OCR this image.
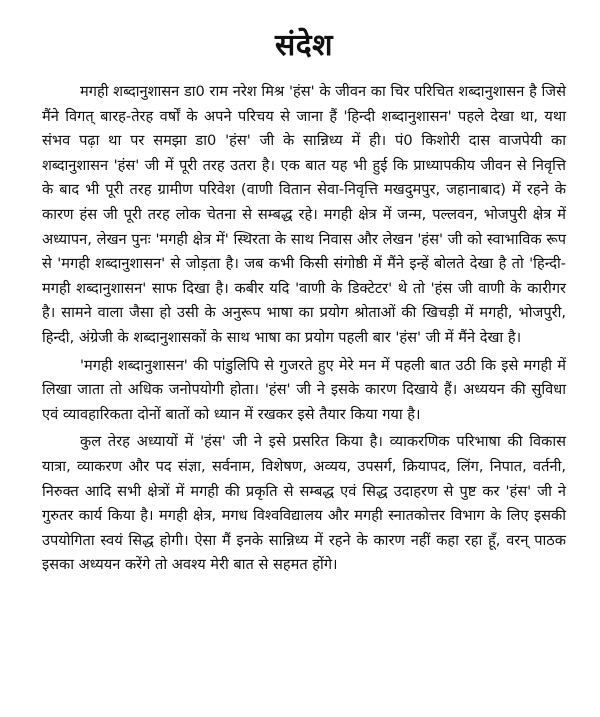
संदेश

मगही शब्दानुशासन डा0 राम नरेश मिश्र 'हंस' के जीवन का चिर परिचित शब्दानुशासन है जिसे मैंने विगत् बारह-तेरह वर्षों के अपने परिचय से जाना हैं 'हिन्दी शब्दानुशासन' पहले देखा था, यथा संभव पढ़ा था पर समझा डा0 'हंस' जी के सान्निध्य में ही। पं0 किशोरी दास वाजपेयी का शब्दानुशासन 'हंस' जी में पूरी तरह उतरा है। एक बात यह भी हुई कि प्राध्यापकीय जीवन से निवृत्ति के बाद भी पूरी तरह ग्रामीण परिवेश (वाणी वितान सेवा-निवृत्ति मखदुमपुर, जहानाबाद) में रहने के कारण हंस जी पूरी तरह लोक चेतना से सम्बद्ध रहे। मगही क्षेत्र में जन्म, पल्लवन, भोजपुरी क्षेत्र में अध्यापन, लेखन पुनः 'मगही क्षेत्र में' स्थिरता के साथ निवास और लेखन 'हंस' जी को स्वाभाविक रूप से 'मगही शब्दानुशासन' से जोड़ता है। जब कभी किसी संगोष्ठी में मैंने इन्हें बोलते देखा है तो 'हिन्दी-मगही शब्दानुशासन' साफ दिखा है। कबीर यदि 'वाणी के डिक्टेटर' थे तो 'हंस जी वाणी के कारीगर है। सामने वाला जैसा हो उसी के अनुरूप भाषा का प्रयोग श्रोताओं की खिचड़ी में मगही, भोजपुरी, हिन्दी, अंग्रेजी के शब्दानुशासकों के साथ भाषा का प्रयोग पहली बार 'हंस' जी में मैंने देखा है।

'मगही शब्दानुशासन' की पांडुलिपि से गुजरते हुए मेरे मन में पहली बात उठी कि इसे मगही में लिखा जाता तो अधिक जनोपयोगी होता। 'हंस' जी ने इसके कारण दिखाये हैं। अध्ययन की सुविधा एवं व्यावहारिकता दोनों बातों को ध्यान में रखकर इसे तैयार किया गया है।

कुल तेरह अध्यायों में 'हंस' जी ने इसे प्रसरित किया है। व्याकरणिक परिभाषा की विकास यात्रा, व्याकरण और पद संज्ञा, सर्वनाम, विशेषण, अव्यय, उपसर्ग, क्रियापद, लिंग, निपात, वर्तनी, निरुक्त आदि सभी क्षेत्रों में मगही की प्रकृति से सम्बद्ध एवं सिद्ध उदाहरण से पुष्ट कर 'हंस' जी ने गुरुतर कार्य किया है। मगही क्षेत्र, मगध विश्वविद्यालय और मगही स्नातकोत्तर विभाग के लिए इसकी उपयोगिता स्वयं सिद्ध होगी। ऐसा मैं इनके सान्निध्य में रहने के कारण नहीं कहा रहा हूँ, वरन् पाठक इसका अध्ययन करेंगे तो अवश्य मेरी बात से सहमत होंगे।
